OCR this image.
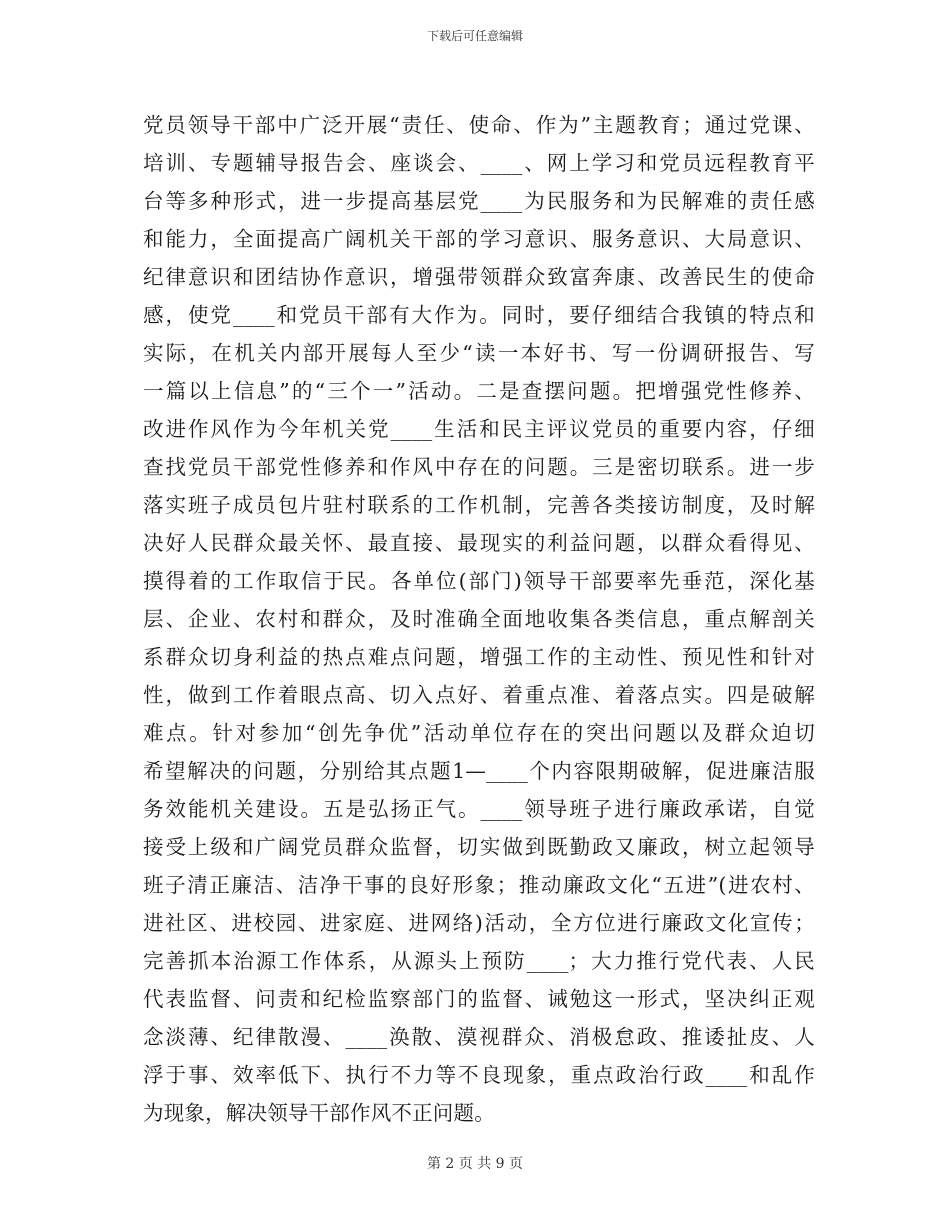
下载后可任意编辑
党员领导干部中广泛开展“责任、使命、作为”主题教育；通过党课、
培训、专题辅导报告会、座谈会、____、网上学习和党员远程教育平
台等多种形式，进一步提高基层党____为民服务和为民解难的责任感
和能力，全面提高广阔机关干部的学习意识、服务意识、大局意识、
纪律意识和团结协作意识，增强带领群众致富奔康、改善民生的使命
感，使党____和党员干部有大作为。同时，要仔细结合我镇的特点和
实际，在机关内部开展每人至少“读一本好书、写一份调研报告、写
一篇以上信息”的“三个一”活动。二是查摆问题。把增强党性修养、
改进作风作为今年机关党____生活和民主评议党员的重要内容，仔细
查找党员干部党性修养和作风中存在的问题。三是密切联系。进一步
落实班子成员包片驻村联系的工作机制，完善各类接访制度，及时解
决好人民群众最关怀、最直接、最现实的利益问题，以群众看得见、
摸得着的工作取信于民。各单位(部门)领导干部要率先垂范，深化基
层、企业、农村和群众，及时准确全面地收集各类信息，重点解剖关
系群众切身利益的热点难点问题，增强工作的主动性、预见性和针对
性，做到工作着眼点高、切入点好、着重点准、着落点实。四是破解
难点。针对参加“创先争优”活动单位存在的突出问题以及群众迫切
希望解决的问题，分别给其点题1—____个内容限期破解，促进廉洁服
务效能机关建设。五是弘扬正气。____领导班子进行廉政承诺，自觉
接受上级和广阔党员群众监督，切实做到既勤政又廉政，树立起领导
班子清正廉洁、洁净干事的良好形象；推动廉政文化“五进”(进农村、
进社区、进校园、进家庭、进网络)活动，全方位进行廉政文化宣传；
完善抓本治源工作体系，从源头上预防____；大力推行党代表、人民
代表监督、问责和纪检监察部门的监督、诫勉这一形式，坚决纠正观
念淡薄、纪律散漫、____涣散、漠视群众、消极怠政、推诿扯皮、人
浮于事、效率低下、执行不力等不良现象，重点政治行政____和乱作
为现象，解决领导干部作风不正问题。
第 2 页 共 9 页
